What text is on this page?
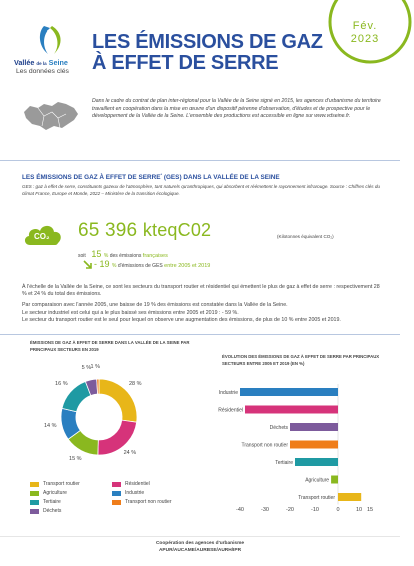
Vallée de la Seine
Les données clés
LES ÉMISSIONS DE GAZ
À EFFET DE SERRE
Fév.
2023

Dans le cadre du contrat de plan inter-régional pour la Vallée de la Seine signé en 2015, les agences d'urbanisme du territoire travaillent en coopération dans la mise en œuvre d'un dispositif pérenne d'observation, d'études et de prospective pour le développement de la Vallée de la Seine. L'ensemble des productions est accessible en ligne sur www.vdseine.fr.

LES ÉMISSIONS DE GAZ À EFFET DE SERRE* (GES) DANS LA VALLÉE DE LA SEINE

GES : gaz à effet de serre, constituants gazeux de l'atmosphère, tant naturels qu'anthropiques, qui absorbent et réémettent le rayonnement infrarouge. Source : Chiffres clés du climat France, Europe et Monde, 2022 – Ministère de la transition écologique.

CO₂ 65 396 kteqC02	(Kilotonnes équivalent CO₂)
soit 15 % des émissions françaises
- 19 % d'émissions de GES entre 2005 et 2019

À l'échelle de la Vallée de la Seine, ce sont les secteurs du transport routier et résidentiel qui émettent le plus de gaz à effet de serre : respectivement 28 % et 24 % du total des émissions.

Par comparaison avec l'année 2005, une baisse de 19 % des émissions est constatée dans la Vallée de la Seine.
Le secteur industriel est celui qui a le plus baissé ses émissions entre 2005 et 2019 : - 59 %.
Le secteur du transport routier est le seul pour lequel on observe une augmentation des émissions, de plus de 10 % entre 2005 et 2019.

ÉMISSIONS DE GAZ À EFFET DE SERRE DANS LA VALLÉE DE LA SEINE PAR PRINCIPAUX SECTEURS EN 2019
28 %
24 %
15 %
14 %
16 %
5 % 1 %
Transport routier	Résidentiel
Agriculture	Industrie
Tertiaire	Transport non routier
Déchets
ÉVOLUTION DES ÉMISSIONS DE GAZ À EFFET DE SERRE PAR PRINCIPAUX SECTEURS ENTRE 2005 ET 2019 (EN %)
Industrie
Résidentiel
Déchets
Transport non routier
Tertiaire
Agriculture
Transport routier
-40	-30	-20	-10	0	10 15
Coopération des agences d'urbanisme
APUR/AUCAME/AURBSE/AURH/IPR
